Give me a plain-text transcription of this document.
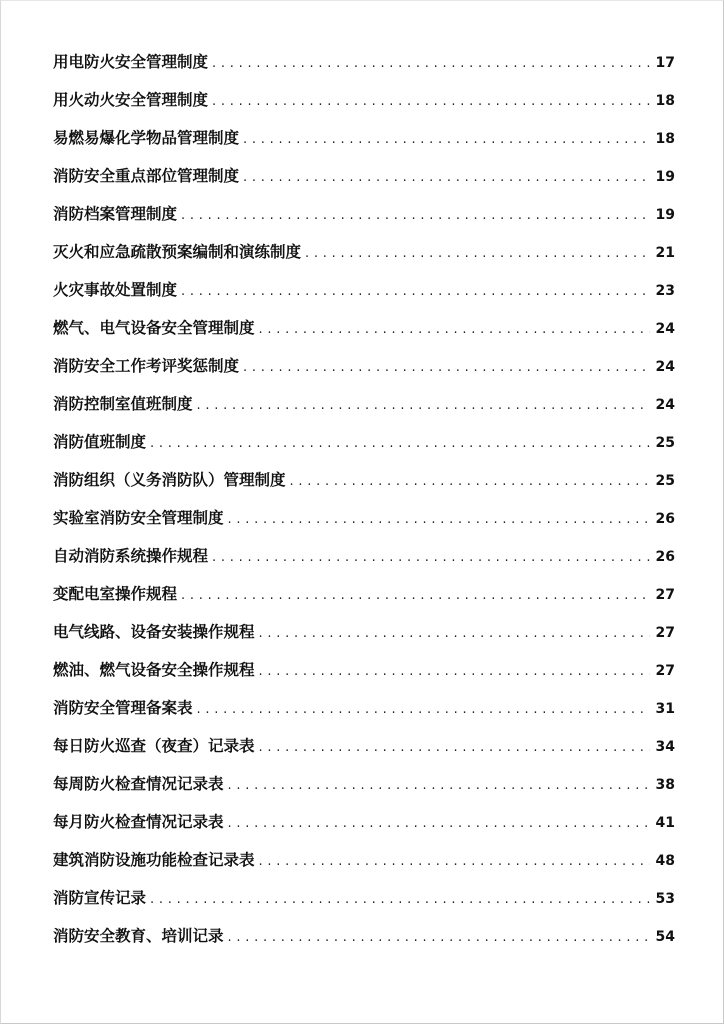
用电防火安全管理制度 . . .	17
用火动火安全管理制度 . . .	18
易燃易爆化学物品管理制度 . . .	18
消防安全重点部位管理制度 . . .	19
消防档案管理制度 . . .	19
灭火和应急疏散预案编制和演练制度 . . .	21
火灾事故处置制度 . . .	23
燃气、电气设备安全管理制度 . . .	24
消防安全工作考评奖惩制度 . . .	24
消防控制室值班制度 . . .	24
消防值班制度 . . .	25
消防组织（义务消防队）管理制度 . . .	25
实验室消防安全管理制度 . . .	26
自动消防系统操作规程 . . .	26
变配电室操作规程 . . .	27
电气线路、设备安装操作规程 . . .	27
燃油、燃气设备安全操作规程 . . .	27
消防安全管理备案表 . . .	31
每日防火巡查（夜查）记录表 . . .	34
每周防火检查情况记录表 . . .	38
每月防火检查情况记录表 . . .	41
建筑消防设施功能检查记录表 . . .	48
消防宣传记录 . . .	53
消防安全教育、培训记录 . . .	54
